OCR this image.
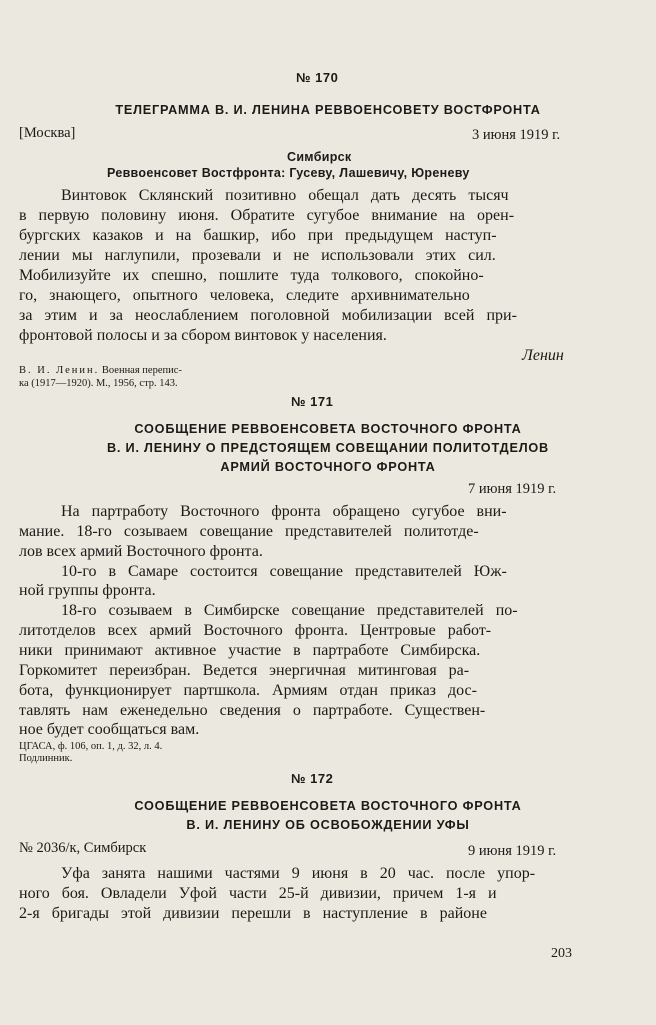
№ 170
ТЕЛЕГРАММА В. И. ЛЕНИНА РЕВВОЕНСОВЕТУ ВОСТФРОНТА
[Москва]	3 июня 1919 г.
Симбирск
Реввоенсовет Востфронта: Гусеву, Лашевичу, Юреневу
Винтовок Склянский позитивно обещал дать десять тысяч
в первую половину июня. Обратите сугубое внимание на орен-
бургских казаков и на башкир, ибо при предыдущем наступ-
лении мы наглупили, прозевали и не использовали этих сил.
Мобилизуйте их спешно, пошлите туда толкового, спокойно-
го, знающего, опытного человека, следите архивнимательно
за этим и за неослаблением поголовной мобилизации всей при-
фронтовой полосы и за сбором винтовок у населения.
Ленин
В. И. Ленин. Военная перепис-
ка (1917—1920). М., 1956, стр. 143.
№ 171
СООБЩЕНИЕ РЕВВОЕНСОВЕТА ВОСТОЧНОГО ФРОНТА
В. И. ЛЕНИНУ О ПРЕДСТОЯЩЕМ СОВЕЩАНИИ ПОЛИТОТДЕЛОВ
АРМИЙ ВОСТОЧНОГО ФРОНТА
7 июня 1919 г.
На партработу Восточного фронта обращено сугубое вни-
мание. 18-го созываем совещание представителей политотде-
лов всех армий Восточного фронта.
10-го в Самаре состоится совещание представителей Юж-
ной группы фронта.
18-го созываем в Симбирске совещание представителей по-
литотделов всех армий Восточного фронта. Центровые работ-
ники принимают активное участие в партработе Симбирска.
Горкомитет переизбран. Ведется энергичная митинговая ра-
бота, функционирует партшкола. Армиям отдан приказ дос-
тавлять нам еженедельно сведения о партработе. Существен-
ное будет сообщаться вам.
ЦГАСА, ф. 106, оп. 1, д. 32, л. 4.
Подлинник.
№ 172
СООБЩЕНИЕ РЕВВОЕНСОВЕТА ВОСТОЧНОГО ФРОНТА
В. И. ЛЕНИНУ ОБ ОСВОБОЖДЕНИИ УФЫ
№ 2036/к, Симбирск	9 июня 1919 г.
Уфа занята нашими частями 9 июня в 20 час. после упор-
ного боя. Овладели Уфой части 25-й дивизии, причем 1-я и
2-я бригады этой дивизии перешли в наступление в районе
203
